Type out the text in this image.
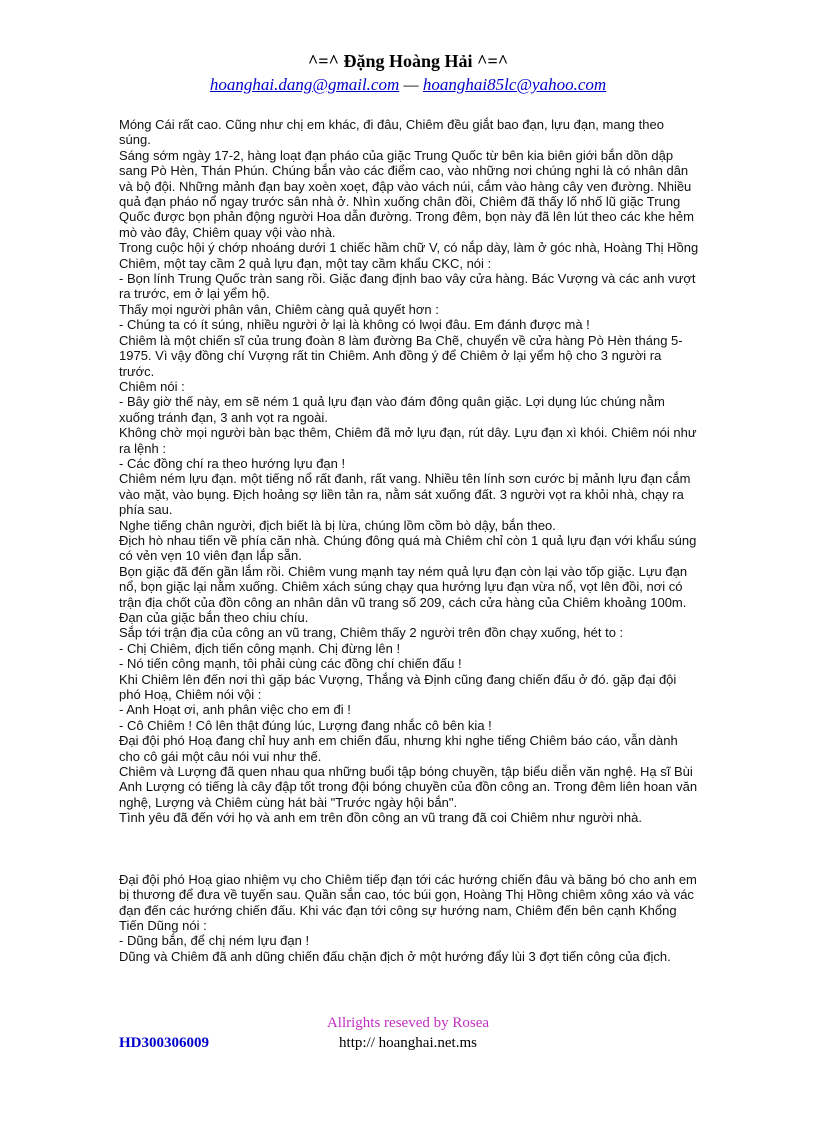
^=^ Đặng Hoàng Hải ^=^
hoanghai.dang@gmail.com — hoanghai85lc@yahoo.com

Móng Cái rất cao. Cũng như chị em khác, đi đâu, Chiêm đều giắt bao đạn, lựu đạn, mang theo súng.

Sáng sớm ngày 17-2, hàng loạt đạn pháo của giặc Trung Quốc từ bên kia biên giới bắn dồn dập sang Pò Hèn, Thán Phún. Chúng bắn vào các điểm cao, vào những nơi chúng nghi là có nhân dân và bộ đội. Những mảnh đạn bay xoèn xoẹt, đập vào vách núi, cắm vào hàng cây ven đường. Nhiều quả đạn pháo nổ ngay trước sân nhà ở. Nhìn xuống chân đồi, Chiêm đã thấy lố nhố lũ giặc Trung Quốc được bọn phản động người Hoa dẫn đường. Trong đêm, bọn này đã lên lút theo các khe hẻm mò vào đây, Chiêm quay vội vào nhà.

Trong cuộc hội ý chớp nhoáng dưới 1 chiếc hầm chữ V, có nắp dày, làm ở góc nhà, Hoàng Thị Hồng Chiêm, một tay cầm 2 quả lựu đạn, một tay cầm khẩu CKC, nói :

- Bọn lính Trung Quốc tràn sang rồi. Giặc đang định bao vây cửa hàng. Bác Vượng và các anh vượt ra trước, em ở lại yểm hộ.

Thấy mọi người phân vân, Chiêm càng quả quyết hơn :

- Chúng ta có ít súng, nhiều người ở lại là không có lwọi đâu. Em đánh được mà !

Chiêm là một chiến sĩ của trung đoàn 8 làm đường Ba Chẽ, chuyển về cửa hàng Pò Hèn tháng 5-1975. Vì vậy đồng chí Vượng rất tin Chiêm. Anh đồng ý để Chiêm ở lại yểm hộ cho 3 người ra trước.

Chiêm nói :

- Bây giờ thế này, em sẽ ném 1 quả lựu đạn vào đám đông quân giặc. Lợi dụng lúc chúng nằm xuống tránh đạn, 3 anh vọt ra ngoài.

Không chờ mọi người bàn bạc thêm, Chiêm đã mở lựu đạn, rút dây. Lựu đạn xì khói. Chiêm nói như ra lệnh :

- Các đồng chí ra theo hướng lựu đạn !

Chiêm ném lựu đạn. một tiếng nổ rất đanh, rất vang. Nhiều tên lính sơn cước bị mảnh lựu đạn cắm vào mặt, vào bụng. Địch hoảng sợ liền tản ra, nằm sát xuống đất. 3 người vọt ra khỏi nhà, chạy ra phía sau.

Nghe tiếng chân người, địch biết là bị lừa, chúng lồm cồm bò dậy, bắn theo.

Địch hò nhau tiến về phía căn nhà. Chúng đông quá mà Chiêm chỉ còn 1 quả lựu đạn với khẩu súng có vẻn vẹn 10 viên đạn lắp sẵn.

Bọn giặc đã đến gần lắm rồi. Chiêm vung mạnh tay ném quả lựu đạn còn lại vào tốp giặc. Lựu đạn nổ, bọn giặc lại nằm xuống. Chiêm xách súng chạy qua hướng lựu đạn vừa nổ, vọt lên đồi, nơi có trận địa chốt của đồn công an nhân dân vũ trang số 209, cách cửa hàng của Chiêm khoảng 100m. Đạn của giặc bắn theo chiu chíu.

Sắp tới trận địa của công an vũ trang, Chiêm thấy 2 người trên đồn chạy xuống, hét to :

- Chị Chiêm, địch tiến công mạnh. Chị đừng lên !

- Nó tiến công mạnh, tôi phải cùng các đồng chí chiến đấu !

Khi Chiêm lên đến nơi thì gặp bác Vượng, Thắng và Định cũng đang chiến đấu ở đó. gặp đại đội phó Hoạ, Chiêm nói vội :

- Anh Hoạt ơi, anh phân việc cho em đi !

- Cô Chiêm ! Cô lên thật đúng lúc, Lượng đang nhắc cô bên kia !

Đại đội phó Hoạ đang chỉ huy anh em chiến đấu, nhưng khi nghe tiếng Chiêm báo cáo, vẫn dành cho cô gái một câu nói vui như thế.

Chiêm và Lượng đã quen nhau qua những buổi tập bóng chuyền, tập biểu diễn văn nghệ. Hạ sĩ Bùi Anh Lượng có tiếng là cây đập tốt trong đội bóng chuyền của đồn công an. Trong đêm liên hoan văn nghệ, Lượng và Chiêm cùng hát bài "Trước ngày hội bắn".

Tình yêu đã đến với họ và anh em trên đồn công an vũ trang đã coi Chiêm như người nhà.

Đại đội phó Hoạ giao nhiệm vụ cho Chiêm tiếp đạn tới các hướng chiến đâu và băng bó cho anh em bị thương để đưa về tuyến sau. Quần sắn cao, tóc búi gọn, Hoàng Thị Hồng chiêm xông xáo và vác đạn đến các hướng chiến đấu. Khi vác đạn tới công sự hướng nam, Chiêm đến bên cạnh Khổng Tiến Dũng nói :

- Dũng bắn, để chị ném lựu đạn !

Dũng và Chiêm đã anh dũng chiến đấu chặn địch ở một hướng đẩy lùi 3 đợt tiến công của địch.

Allrights reseved by Rosea
HD300306009	http:// hoanghai.net.ms
